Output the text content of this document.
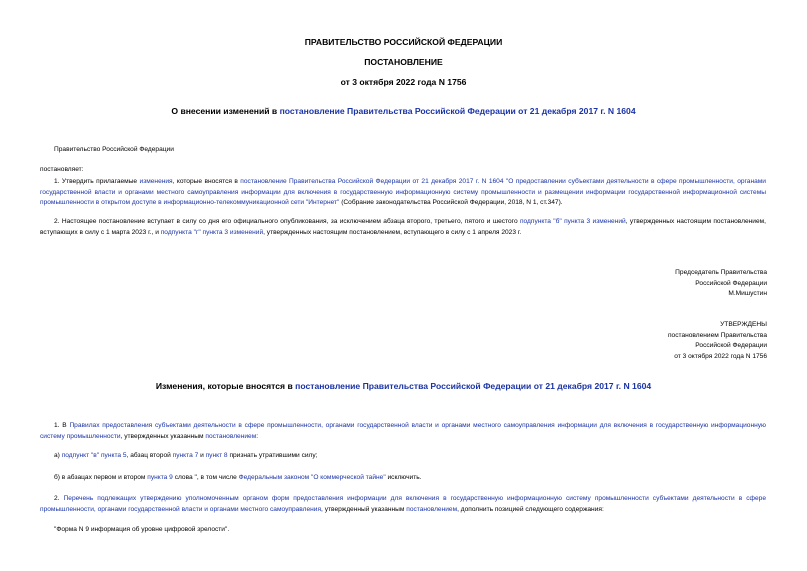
ПРАВИТЕЛЬСТВО РОССИЙСКОЙ ФЕДЕРАЦИИ
ПОСТАНОВЛЕНИЕ
от 3 октября 2022 года N 1756
О внесении изменений в постановление Правительства Российской Федерации от 21 декабря 2017 г. N 1604
Правительство Российской Федерации
постановляет:
1. Утвердить прилагаемые изменения, которые вносятся в постановление Правительства Российской Федерации от 21 декабря 2017 г. N 1604 "О предоставлении субъектами деятельности в сфере промышленности, органами государственной власти и органами местного самоуправления информации для включения в государственную информационную систему промышленности и размещении информации государственной информационной системы промышленности в открытом доступе в информационно-телекоммуникационной сети "Интернет" (Собрание законодательства Российской Федерации, 2018, N 1, ст.347).
2. Настоящее постановление вступает в силу со дня его официального опубликования, за исключением абзаца второго, третьего, пятого и шестого подпункта "б" пункта 3 изменений, утвержденных настоящим постановлением, вступающих в силу с 1 марта 2023 г., и подпункта "г" пункта 3 изменений, утвержденных настоящим постановлением, вступающего в силу с 1 апреля 2023 г.
Председатель Правительства
Российской Федерации
М.Мишустин
УТВЕРЖДЕНЫ
постановлением Правительства
Российской Федерации
от 3 октября 2022 года N 1756
Изменения, которые вносятся в постановление Правительства Российской Федерации от 21 декабря 2017 г. N 1604
1. В Правилах предоставления субъектами деятельности в сфере промышленности, органами государственной власти и органами местного самоуправления информации для включения в государственную информационную систему промышленности, утвержденных указанным постановлением:
а) подпункт "в" пункта 5, абзац второй пункта 7 и пункт 8 признать утратившими силу;
б) в абзацах первом и втором пункта 9 слова ", в том числе Федеральным законом "О коммерческой тайне" исключить.
2. Перечень подлежащих утверждению уполномоченным органом форм предоставления информации для включения в государственную информационную систему промышленности субъектами деятельности в сфере промышленности, органами государственной власти и органами местного самоуправления, утвержденный указанным постановлением, дополнить позицией следующего содержания:
"Форма N 9 информация об уровне цифровой зрелости".
